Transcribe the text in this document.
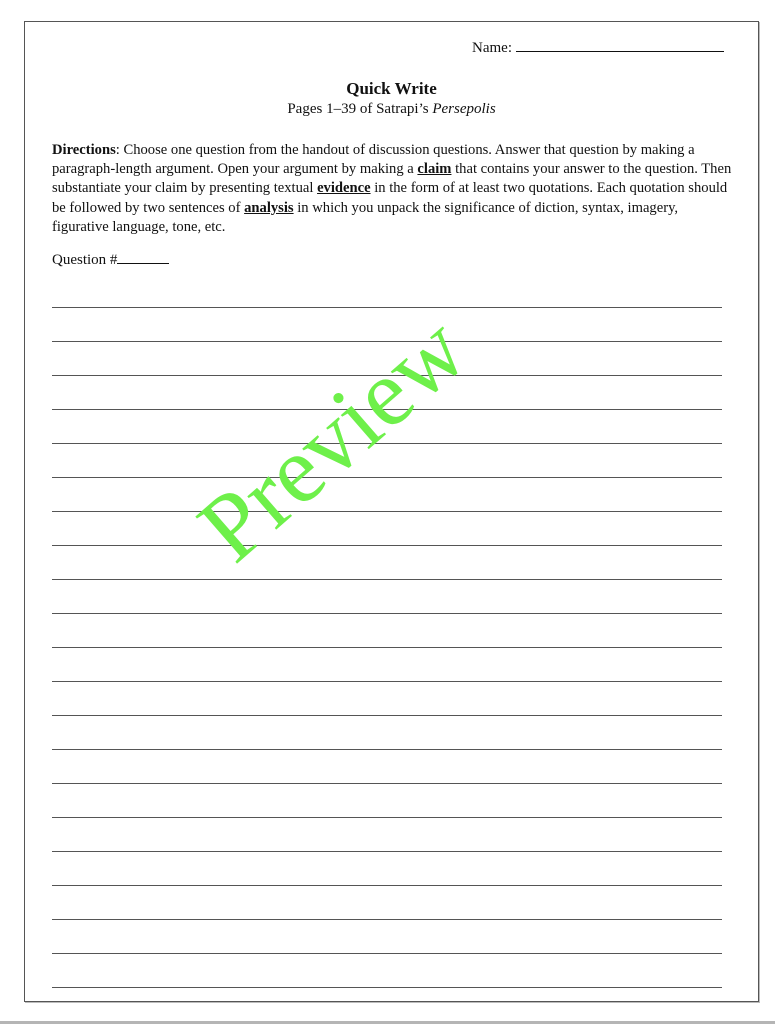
Name:
Quick Write
Pages 1–39 of Satrapi’s Persepolis
Directions: Choose one question from the handout of discussion questions. Answer that question by making a paragraph-length argument. Open your argument by making a claim that contains your answer to the question. Then substantiate your claim by presenting textual evidence in the form of at least two quotations. Each quotation should be followed by two sentences of analysis in which you unpack the significance of diction, syntax, imagery, figurative language, tone, etc.
Question #
Preview
